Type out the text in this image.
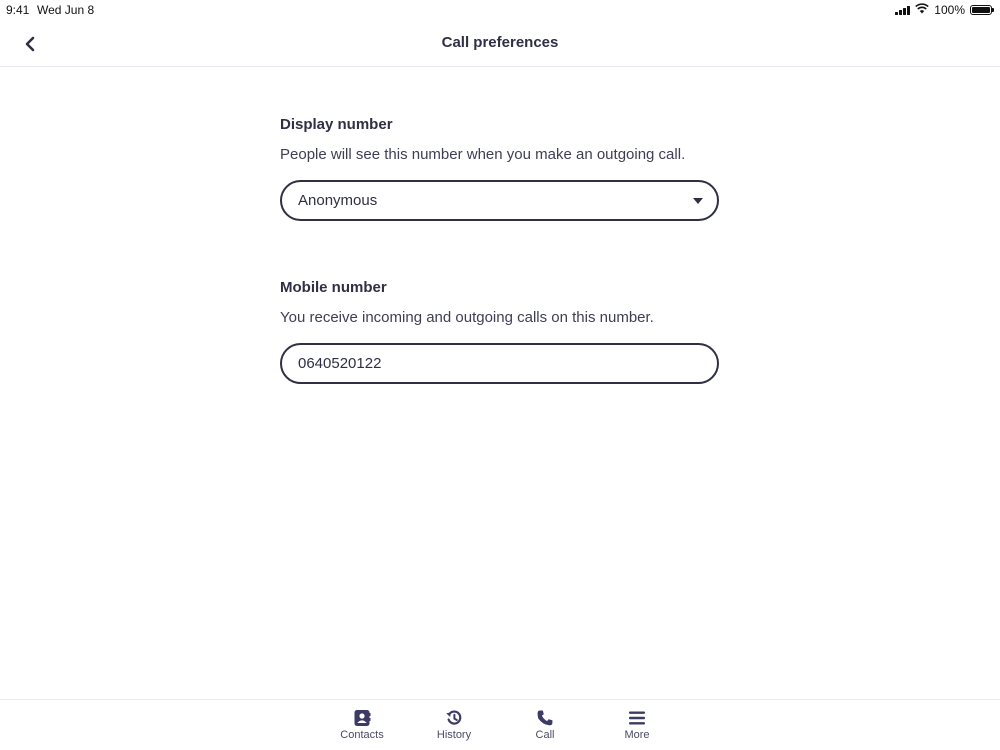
9:41 Wed Jun 8	100%
Call preferences
Display number
People will see this number when you make an outgoing call.
Anonymous
Mobile number
You receive incoming and outgoing calls on this number.
0640520122
Contacts	History	Call	More
